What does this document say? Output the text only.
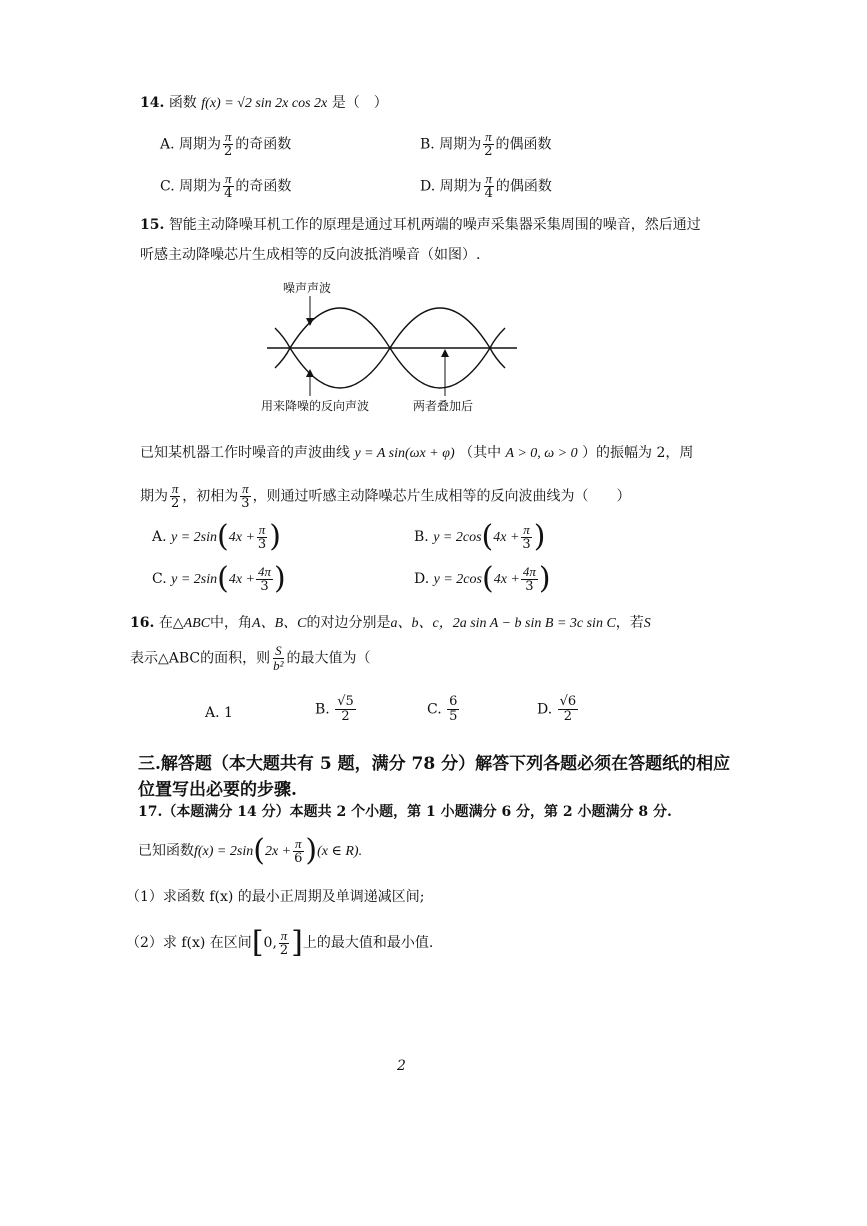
14. 函数 f(x) = √2 sin 2x cos 2x 是（　）
A. 周期为 $\frac{\pi}{2}$ 的奇函数	B. 周期为 $\frac{\pi}{2}$ 的偶函数
C. 周期为 $\frac{\pi}{4}$ 的奇函数	D. 周期为 $\frac{\pi}{4}$ 的偶函数
15. 智能主动降噪耳机工作的原理是通过耳机两端的噪声采集器采集周围的噪音，然后通过
听感主动降噪芯片生成相等的反向波抵消噪音（如图）.
噪声声波
用来降噪的反向声波	两者叠加后
已知某机器工作时噪音的声波曲线 y = A sin(ωx + φ) （其中 A > 0, ω > 0 ）的振幅为 2，周
期为 $\frac{\pi}{2}$ ，初相为 $\frac{\pi}{3}$ ，则通过听感主动降噪芯片生成相等的反向波曲线为（　　）
A. $y = 2\sin(4x + \frac{\pi}{3}$ )	B. $y = 2\cos(4x + \frac{\pi}{3}$ )
C. $y = 2\sin(4x + \frac{4\pi}{3}$ )	D. $y = 2\cos(4x + \frac{4\pi}{3}$ )
16. 在△ABC中，角A、B、C的对边分别是a、b、c，2a sin A − b sin B = 3c sin C，若S
表示△ABC的面积，则 $\frac{S}{\text{b²}}$ 的最大值为（
A. 1	B. $\frac{√5}{2}$	C. $\frac{6}{5}$	D. $\frac{√6}{2}$
三.解答题（本大题共有 5 题，满分 78 分）解答下列各题必须在答题纸的相应
位置写出必要的步骤.
17.（本题满分 14 分）本题共 2 个小题，第 1 小题满分 6 分，第 2 小题满分 8 分.
已知函数$f(x) = 2\sin(2x + \frac{\pi}{6} )(x$ ∈ R).
（1）求函数 f(x) 的最小正周期及单调递减区间;
（2）求 f(x) 在区间[0, $\frac{\pi}{2}$ ]上的最大值和最小值.
2
